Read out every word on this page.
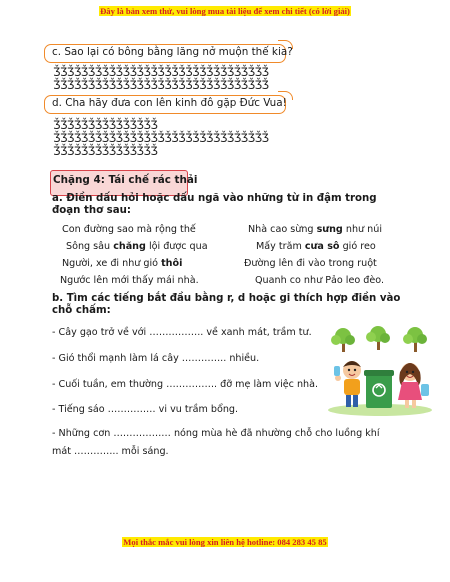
Đây là bản xem thử, vui lòng mua tài liệu để xem chi tiết (có lời giải)
c. Sao lại có bông bằng lăng nở muộn thế kia?
ǮǮǮǮǮǮǮǮǮǮǮǮǮǮǮǮǮǮǮǮǮǮǮǮǮǮǮǮǮǮǮ
ǮǮǮǮǮǮǮǮǮǮǮǮǮǮǮǮǮǮǮǮǮǮǮǮǮǮǮǮǮǮǮ
d. Cha hãy đưa con lên kinh đô gặp Đức Vua!
ǮǮǮǮǮǮǮǮǮǮǮǮǮǮǮ
ǮǮǮǮǮǮǮǮǮǮǮǮǮǮǮǮǮǮǮǮǮǮǮǮǮǮǮǮǮǮǮ
ǮǮǮǮǮǮǮǮǮǮǮǮǮǮǮ
Chặng 4: Tái chế rác thải
a. Điền dấu hỏi hoặc dấu ngã vào những từ in đậm trong đoạn thơ sau:
Con đường sao mà rộng thế	Nhà cao sừng sưng như núi
Sông sâu chăng lội được qua	Mấy trăm cưa sô gió reo
Người, xe đi như gió thôi	Đường lên đi vào trong ruột
Ngước lên mới thấy mái nhà.	Quanh co như Pảo leo đèo.
b. Tìm các tiếng bắt đầu bằng r, d hoặc gi thích hợp điền vào chỗ chấm:
- Cây gạo trở về với …………….. về xanh mát, trầm tư.
- Gió thổi mạnh làm lá cây ………….. nhiều.
- Cuối tuần, em thường ……………. đỡ mẹ làm việc nhà.
- Tiếng sáo …………… vi vu trầm bổng.
- Những cơn ……………… nóng mùa hè đã nhường chỗ cho luồng khí
mát ………….. mỗi sáng.
Mọi thắc mắc vui lòng xin liên hệ hotline: 084 283 45 85
